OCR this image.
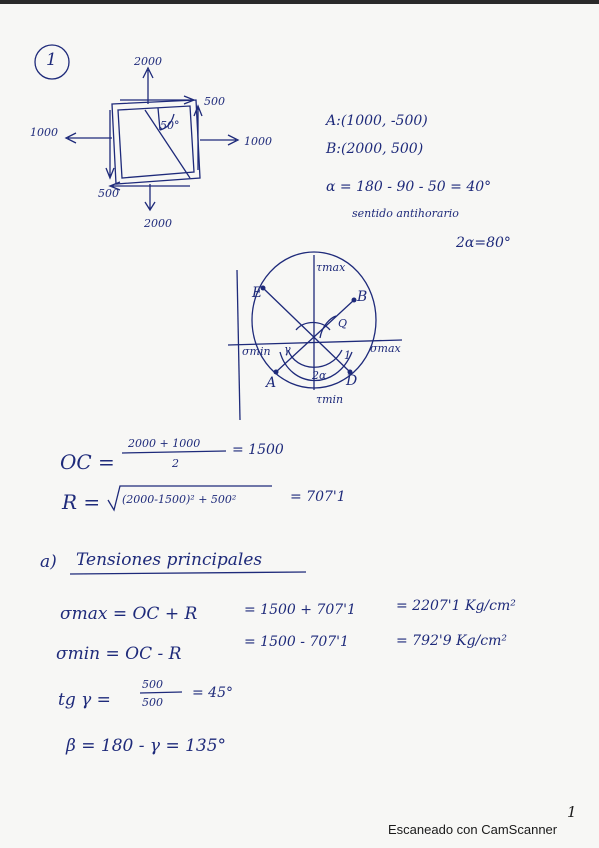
1	2000
2000
1000
1000
500
500
50°	A:(1000, -500)
B:(2000, 500)
α = 180 - 90 - 50 = 40°
sentido antihorario
2α=80°
τmax
τmin
σmax
σmin
E	B
A	D
Q
γ
2α
1
OC =
2000 + 1000
2
= 1500
R = (2000-1500)² + 500²	= 707'1
a) Tensiones principales
σmax = OC + R	= 1500 + 707'1	= 2207'1 Kg/cm²
σmin = OC - R
= 1500 - 707'1	= 792'9 Kg/cm²
tg γ =
500
500
= 45°
β = 180 - γ = 135°
1
Escaneado con CamScanner
